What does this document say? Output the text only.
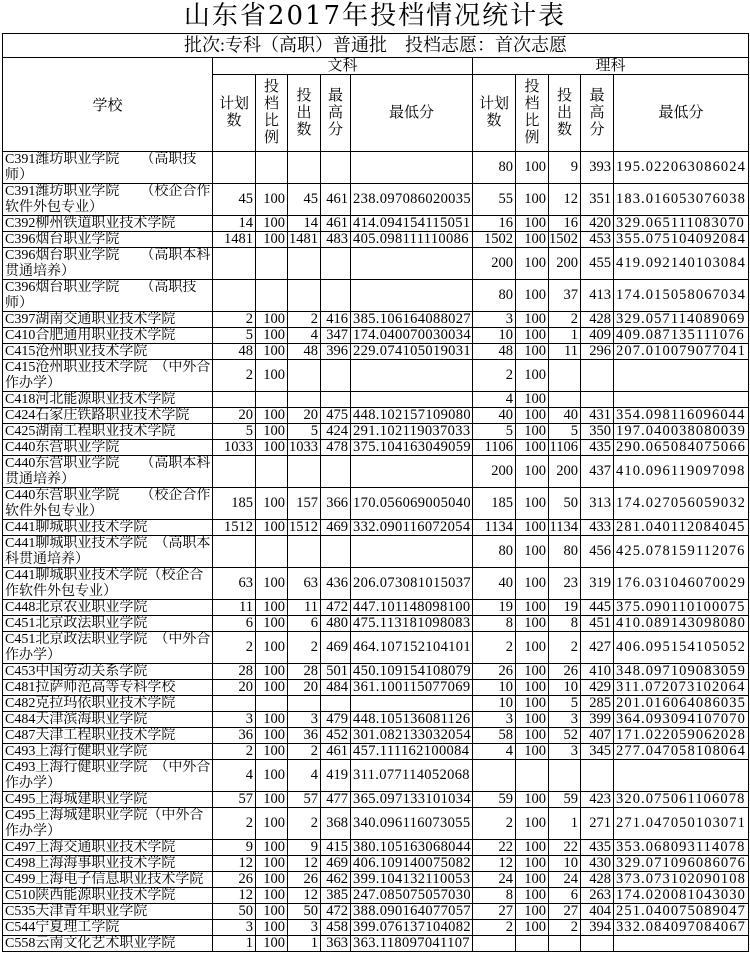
山东省2017年投档情况统计表
批次:专科（高职）普通批　投档志愿：首次志愿										

学校	文科					理科				

	计划数	投档比例	投出数	最高分	最低分	计划数	投档比例	投出数	最高分	最低分

C391潍坊职业学院　　（高职技师）						80	100	9	393	195.022063086024

C391潍坊职业学院　　（校企合作软件外包专业）	45	100	45	461	238.097086020035	55	100	12	351	183.016053076038

C392柳州铁道职业技术学院	14	100	14	461	414.094154115051	16	100	16	420	329.065111083070

C396烟台职业学院	1481	100	1481	483	405.098111110086	1502	100	1502	453	355.075104092084

C396烟台职业学院　　（高职本科贯通培养）						200	100	200	455	419.092140103084

C396烟台职业学院　　（高职技师）						80	100	37	413	174.015058067034

C397湖南交通职业技术学院	2	100	2	416	385.106164088027	3	100	2	428	329.057114089069

C410合肥通用职业技术学院	5	100	4	347	174.040070030034	10	100	1	409	409.087135111076

C415沧州职业技术学院	48	100	48	396	229.074105019031	48	100	11	296	207.010079077041

C415沧州职业技术学院　（中外合作办学）	2	100				2	100			

C418河北能源职业技术学院						4	100			

C424石家庄铁路职业技术学院	20	100	20	475	448.102157109080	40	100	40	431	354.098116096044

C425湖南工程职业技术学院	5	100	5	424	291.102119037033	5	100	5	350	197.040038080039

C440东营职业学院	1033	100	1033	478	375.104163049059	1106	100	1106	435	290.065084075066

C440东营职业学院　　（高职本科贯通培养）						200	100	200	437	410.096119097098

C440东营职业学院　　（校企合作软件外包专业）	185	100	157	366	170.056069005040	185	100	50	313	174.027056059032

C441聊城职业技术学院	1512	100	1512	469	332.090116072054	1134	100	1134	433	281.040112084045

C441聊城职业技术学院　（高职本科贯通培养）						80	100	80	456	425.078159112076

C441聊城职业技术学院（校企合作软件外包专业）	63	100	63	436	206.073081015037	40	100	23	319	176.031046070029

C448北京农业职业学院	11	100	11	472	447.101148098100	19	100	19	445	375.090110100075

C451北京政法职业学院	6	100	6	480	475.113181098083	8	100	8	451	410.089143098080

C451北京政法职业学院　（中外合作办学）	2	100	2	469	464.107152104101	2	100	2	427	406.095154105052

C453中国劳动关系学院	28	100	28	501	450.109154108079	26	100	26	410	348.097109083059

C481拉萨师范高等专科学校	20	100	20	484	361.100115077069	10	100	10	429	311.072073102064

C482克拉玛依职业技术学院						10	100	5	285	201.016064086035

C484天津滨海职业学院	3	100	3	479	448.105136081126	3	100	3	399	364.093094107070

C487天津工程职业技术学院	36	100	36	452	301.082133032054	58	100	52	407	171.022059062028

C493上海行健职业学院	2	100	2	461	457.111162100084	4	100	3	345	277.047058108064

C493上海行健职业学院　（中外合作办学）	4	100	4	419	311.077114052068					

C495上海城建职业学院	57	100	57	477	365.097133101034	59	100	59	423	320.075061106078

C495上海城建职业学院（中外合作办学）	2	100	2	368	340.096116073055	2	100	1	271	271.047050103071

C497上海交通职业技术学院	9	100	9	415	380.105163068044	22	100	22	435	353.068093114078

C498上海海事职业技术学院	12	100	12	469	406.109140075082	12	100	10	430	329.071096086076

C499上海电子信息职业技术学院	26	100	26	462	399.104132110053	24	100	24	428	373.073102090108

C510陕西能源职业技术学院	12	100	12	385	247.085075057030	8	100	6	263	174.020081043030

C535天津青年职业学院	50	100	50	472	388.090164077057	27	100	27	404	251.040075089047

C544宁夏理工学院	3	100	3	458	399.076137104082	2	100	2	394	332.084097084067

C558云南文化艺术职业学院	1	100	1	363	363.118097041107					
